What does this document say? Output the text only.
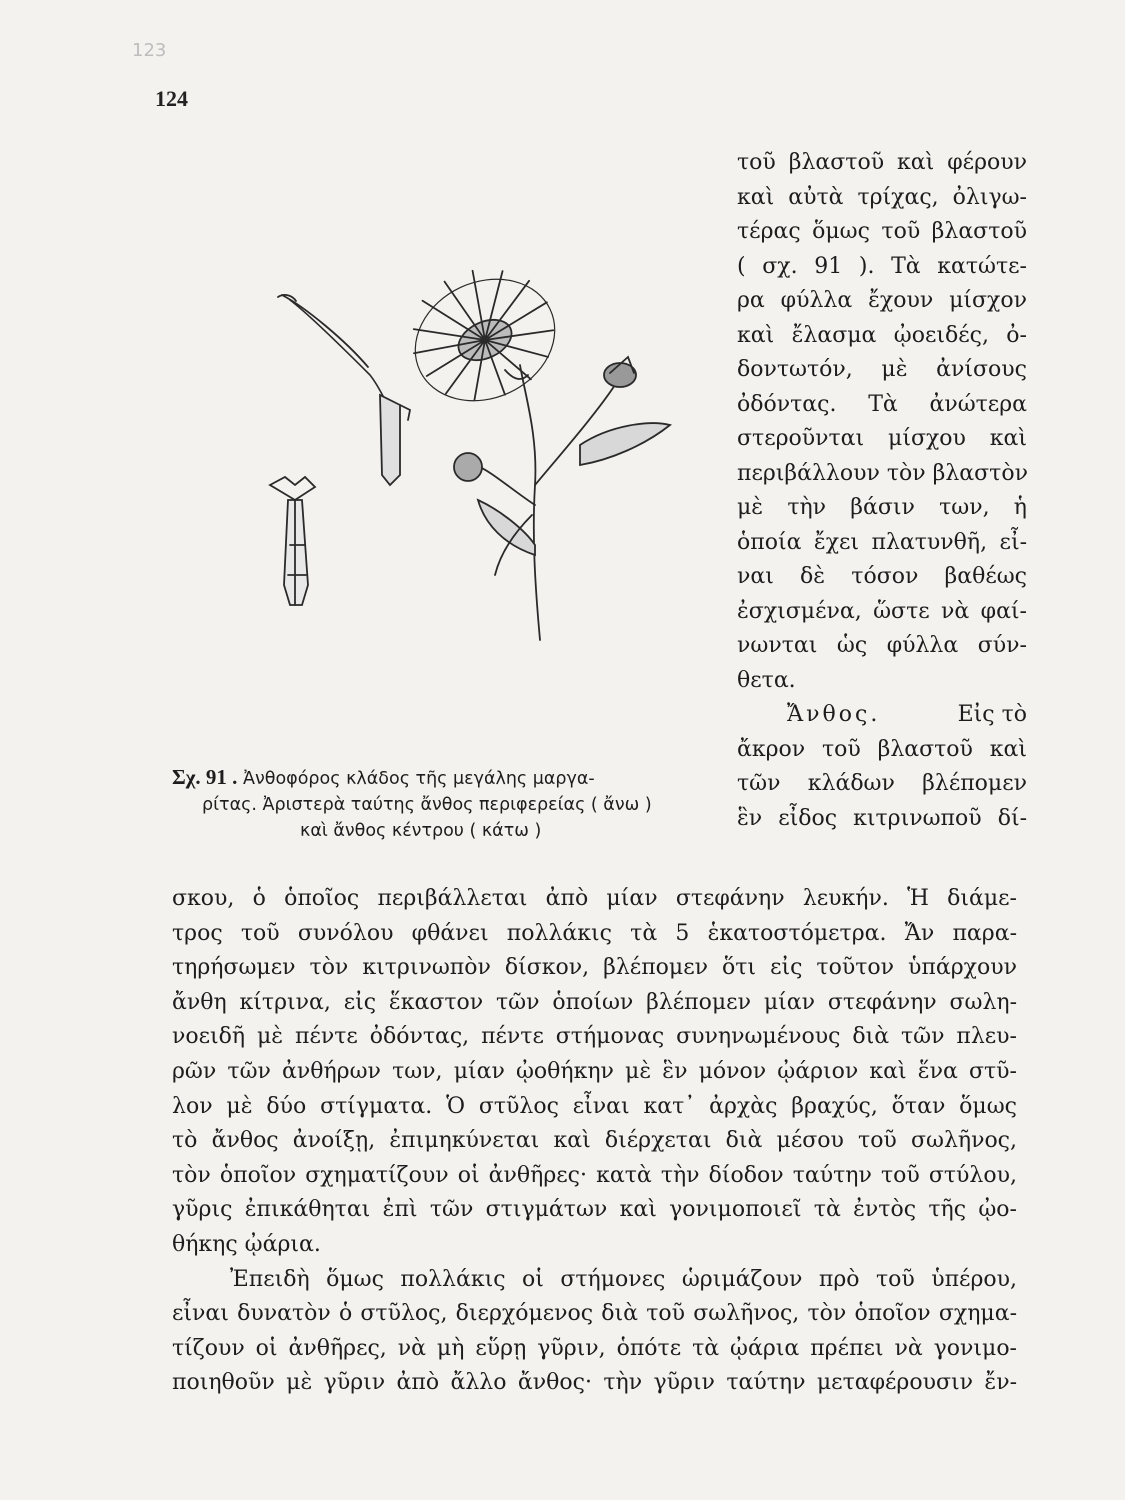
123
124
τοῦ βλαστοῦ καὶ φέρουν
καὶ αὐτὰ τρίχας, ὀλιγω-
τέρας ὅμως τοῦ βλαστοῦ
( σχ. 91 ). Τὰ κατώτε-
ρα φύλλα ἔχουν μίσχον
καὶ ἔλασμα ᾠοειδές, ὀ-
δοντωτόν, μὲ ἀνίσους
ὀδόντας. Τὰ ἀνώτερα
στεροῦνται μίσχου καὶ
περιβάλλουν τὸν βλαστὸν
μὲ τὴν βάσιν των, ἡ
ὁποία ἔχει πλατυνθῆ, εἶ-
ναι δὲ τόσον βαθέως
ἐσχισμένα, ὥστε νὰ φαί-
νωνται ὡς φύλλα σύν-
θετα.
Ἄνθος.	Εἰς τὸ
ἄκρον τοῦ βλαστοῦ καὶ
τῶν κλάδων βλέπομεν
ἓν εἶδος κιτρινωποῦ δί-
Σχ. 91 . Ἀνθοφόρος κλάδος τῆς μεγάλης μαργα-
ρίτας. Ἀριστερὰ ταύτης ἄνθος περιφερείας ( ἄνω )
καὶ ἄνθος κέντρου ( κάτω )
σκου, ὁ ὁποῖος περιβάλλεται ἀπὸ μίαν στεφάνην λευκήν. Ἡ διάμε-
τρος τοῦ συνόλου φθάνει πολλάκις τὰ 5 ἑκατοστόμετρα. Ἄν παρα-
τηρήσωμεν τὸν κιτρινωπὸν δίσκον, βλέπομεν ὅτι εἰς τοῦτον ὑπάρχουν
ἄνθη κίτρινα, εἰς ἕκαστον τῶν ὁποίων βλέπομεν μίαν στεφάνην σωλη-
νοειδῆ μὲ πέντε ὀδόντας, πέντε στήμονας συνηνωμένους διὰ τῶν πλευ-
ρῶν τῶν ἀνθήρων των, μίαν ᾠοθήκην μὲ ἓν μόνον ᾠάριον καὶ ἕνα στῦ-
λον μὲ δύο στίγματα. Ὁ στῦλος εἶναι κατ᾽ ἀρχὰς βραχύς, ὅταν ὅμως
τὸ ἄνθος ἀνοίξῃ, ἐπιμηκύνεται καὶ διέρχεται διὰ μέσου τοῦ σωλῆνος,
τὸν ὁποῖον σχηματίζουν οἱ ἀνθῆρες· κατὰ τὴν δίοδον ταύτην τοῦ στύλου,
γῦρις ἐπικάθηται ἐπὶ τῶν στιγμάτων καὶ γονιμοποιεῖ τὰ ἐντὸς τῆς ᾠο-
θήκης ᾠάρια.
Ἐπειδὴ ὅμως πολλάκις οἱ στήμονες ὡριμάζουν πρὸ τοῦ ὑπέρου,
εἶναι δυνατὸν ὁ στῦλος, διερχόμενος διὰ τοῦ σωλῆνος, τὸν ὁποῖον σχημα-
τίζουν οἱ ἀνθῆρες, νὰ μὴ εὕρῃ γῦριν, ὁπότε τὰ ᾠάρια πρέπει νὰ γονιμο-
ποιηθοῦν μὲ γῦριν ἀπὸ ἄλλο ἄνθος· τὴν γῦριν ταύτην μεταφέρουσιν ἔν-
